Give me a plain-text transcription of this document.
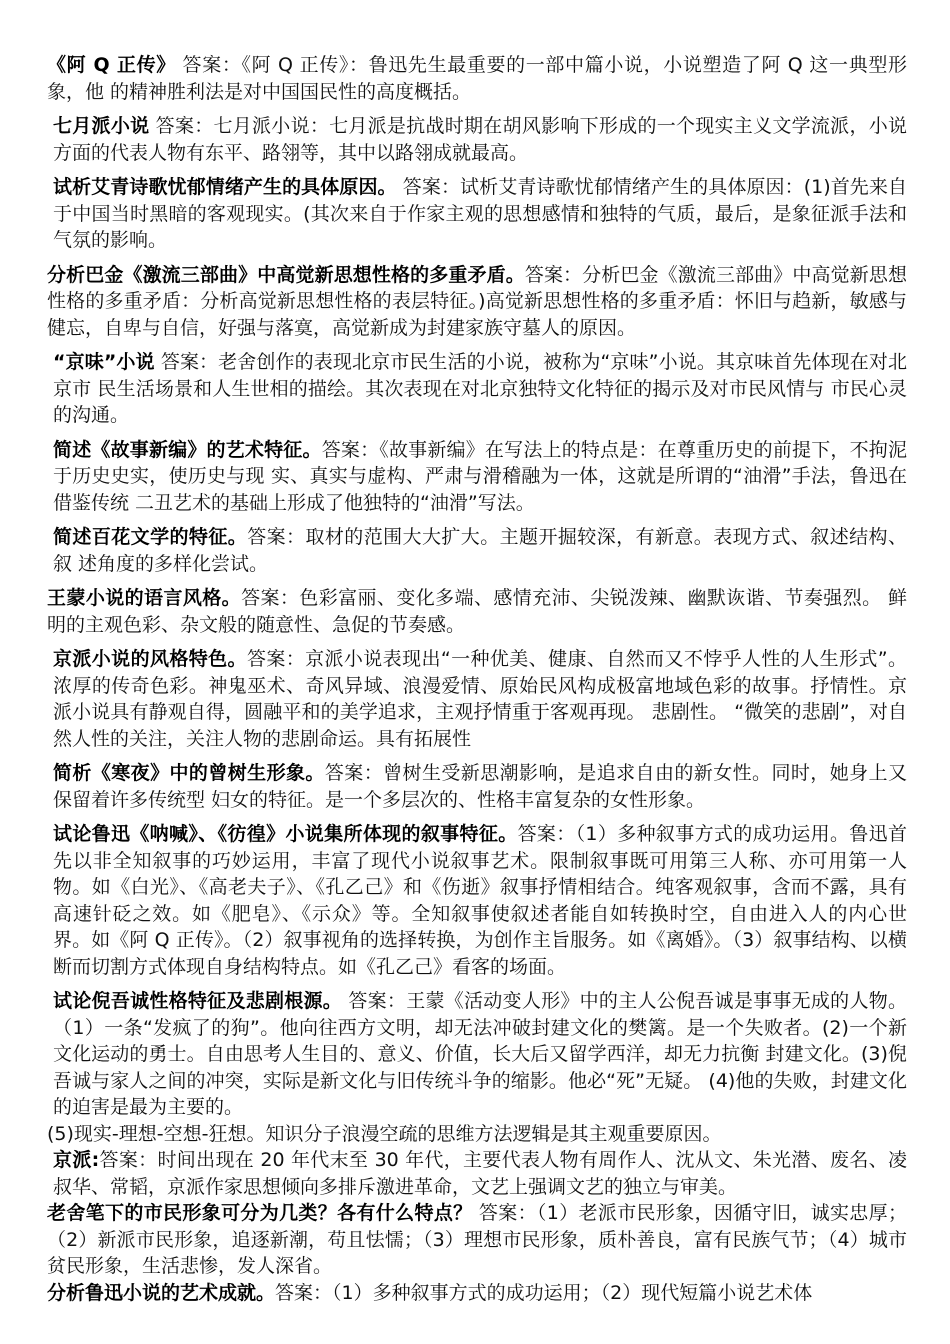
《阿 Q 正传》 答案：《阿 Q 正传》：鲁迅先生最重要的一部中篇小说，小说塑造了阿 Q 这一典型形象，他 的精神胜利法是对中国国民性的高度概括。

七月派小说 答案：七月派小说：七月派是抗战时期在胡风影响下形成的一个现实主义文学流派，小说 方面的代表人物有东平、路翎等，其中以路翎成就最高。

试析艾青诗歌忧郁情绪产生的具体原因。 答案：试析艾青诗歌忧郁情绪产生的具体原因：(1)首先来自于中国当时黑暗的客观现实。(其次来自于作家主观的思想感情和独特的气质，最后，是象征派手法和气氛的影响。

分析巴金《激流三部曲》中高觉新思想性格的多重矛盾。答案：分析巴金《激流三部曲》中高觉新思想性格的多重矛盾：分析高觉新思想性格的表层特征。)高觉新思想性格的多重矛盾：怀旧与趋新，敏感与健忘，自卑与自信，好强与落寞，高觉新成为封建家族守墓人的原因。

“京味”小说 答案：老舍创作的表现北京市民生活的小说，被称为“京味”小说。其京味首先体现在对北京市 民生活场景和人生世相的描绘。其次表现在对北京独特文化特征的揭示及对市民风情与 市民心灵的沟通。

简述《故事新编》的艺术特征。答案：《故事新编》在写法上的特点是：在尊重历史的前提下，不拘泥于历史史实，使历史与现 实、真实与虚构、严肃与滑稽融为一体，这就是所谓的“油滑”手法，鲁迅在借鉴传统 二丑艺术的基础上形成了他独特的“油滑”写法。

简述百花文学的特征。答案：取材的范围大大扩大。主题开掘较深，有新意。表现方式、叙述结构、叙 述角度的多样化尝试。

王蒙小说的语言风格。答案：色彩富丽、变化多端、感情充沛、尖锐泼辣、幽默诙谐、节奏强烈。 鲜明的主观色彩、杂文般的随意性、急促的节奏感。

京派小说的风格特色。答案：京派小说表现出“一种优美、健康、自然而又不悖乎人性的人生形式”。浓厚的传奇色彩。神鬼巫术、奇风异域、浪漫爱情、原始民风构成极富地域色彩的故事。抒情性。京派小说具有静观自得，圆融平和的美学追求，主观抒情重于客观再现。 悲剧性。 “微笑的悲剧”，对自然人性的关注，关注人物的悲剧命运。具有拓展性

简析《寒夜》中的曾树生形象。答案：曾树生受新思潮影响，是追求自由的新女性。同时，她身上又保留着许多传统型 妇女的特征。是一个多层次的、性格丰富复杂的女性形象。

试论鲁迅《呐喊》、《彷徨》小说集所体现的叙事特征。答案：（1）多种叙事方式的成功运用。鲁迅首先以非全知叙事的巧妙运用，丰富了现代小说叙事艺术。限制叙事既可用第三人称、亦可用第一人物。如《白光》、《高老夫子》、《孔乙己》和《伤逝》叙事抒情相结合。纯客观叙事，含而不露，具有高速针砭之效。如《肥皂》、《示众》等。全知叙事使叙述者能自如转换时空，自由进入人的内心世界。如《阿 Q 正传》。（2）叙事视角的选择转换，为创作主旨服务。如《离婚》。（3）叙事结构、以横断而切割方式体现自身结构特点。如《孔乙己》看客的场面。

试论倪吾诚性格特征及悲剧根源。 答案：王蒙《活动变人形》中的主人公倪吾诚是事事无成的人物。（1）一条“发疯了的狗”。他向往西方文明，却无法冲破封建文化的樊篱。是一个失败者。(2)一个新文化运动的勇士。自由思考人生目的、意义、价值，长大后又留学西洋，却无力抗衡 封建文化。(3)倪吾诚与家人之间的冲突，实际是新文化与旧传统斗争的缩影。他必“死”无疑。 (4)他的失败，封建文化的迫害是最为主要的。

(5)现实-理想-空想-狂想。知识分子浪漫空疏的思维方法逻辑是其主观重要原因。

京派:答案：时间出现在 20 年代末至 30 年代，主要代表人物有周作人、沈从文、朱光潜、废名、凌叔华、常韬，京派作家思想倾向多排斥激进革命，文艺上强调文艺的独立与审美。

老舍笔下的市民形象可分为几类？各有什么特点？ 答案：（1）老派市民形象，因循守旧，诚实忠厚；（2）新派市民形象，追逐新潮，苟且怯懦；（3）理想市民形象，质朴善良，富有民族气节；（4）城市贫民形象，生活悲惨，发人深省。

分析鲁迅小说的艺术成就。答案：（1）多种叙事方式的成功运用；（2）现代短篇小说艺术体
